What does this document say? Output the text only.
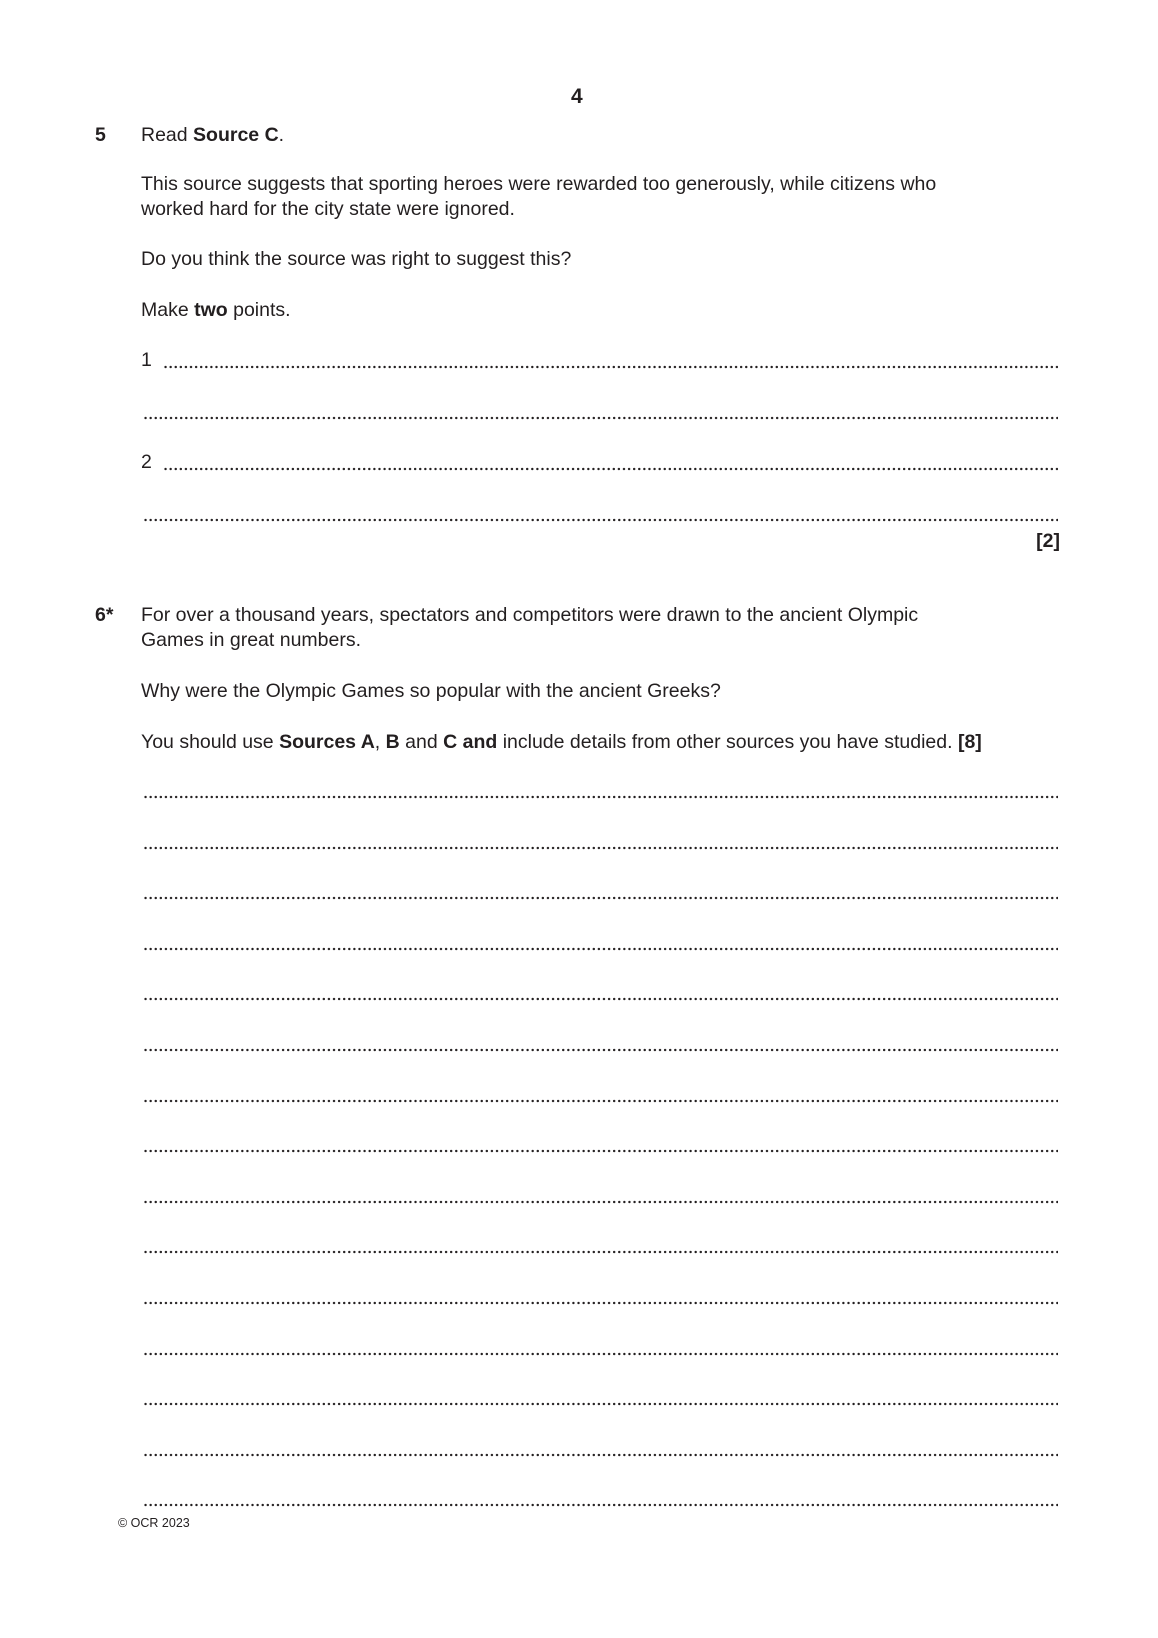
4
5 Read Source C.
This source suggests that sporting heroes were rewarded too generously, while citizens who
worked hard for the city state were ignored.
Do you think the source was right to suggest this?
Make two points.
1
2
[2]
6* For over a thousand years, spectators and competitors were drawn to the ancient Olympic
Games in great numbers.
Why were the Olympic Games so popular with the ancient Greeks?
You should use Sources A, B and C and include details from other sources you have studied. [8]
© OCR 2023
